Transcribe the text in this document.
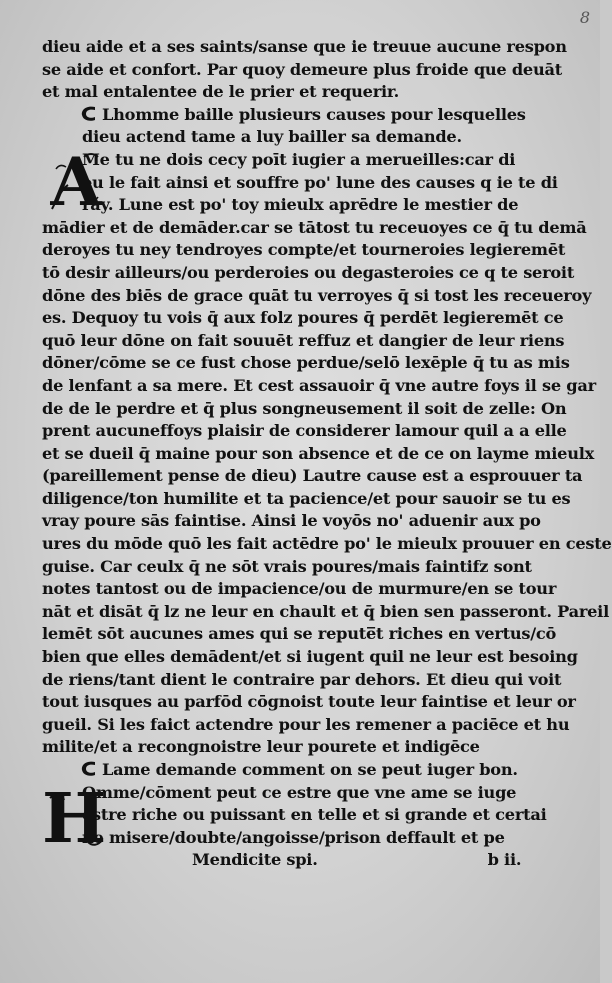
8
dieu aide et a ses saints/sanse que ie treuue aucune respon
se aide et confort. Par quoy demeure plus froide que deuāt
et mal entalentee de le prier et requerir.
Lhomme baille plusieurs causes pour lesquelles
dieu actend tame a luy bailler sa demande.
A
Me tu ne dois cecy poīt iugier a merueilles:car di
eu le fait ainsi et souffre po' lune des causes q ie te di
ray. Lune est po' toy mieulx aprēdre le mestier de
mādier et de demāder.car se tātost tu receuoyes ce q̄ tu demā
deroyes tu ney tendroyes compte/et tourneroies legieremēt
tō desir ailleurs/ou perderoies ou degasteroies ce q te seroit
dōne des biēs de grace quāt tu verroyes q̄ si tost les receueroy
es. Dequoy tu vois q̄ aux folz poures q̄ perdēt legieremēt ce
quō leur dōne on fait souuēt reffuz et dangier de leur riens
dōner/cōme se ce fust chose perdue/selō lexēple q̄ tu as mis
de lenfant a sa mere. Et cest assauoir q̄ vne autre foys il se gar
de de le perdre et q̄ plus songneusement il soit de zelle: On
prent aucuneffoys plaisir de considerer lamour quil a a elle
et se dueil q̄ maine pour son absence et de ce on layme mieulx
(pareillement pense de dieu) Lautre cause est a esprouuer ta
diligence/ton humilite et ta pacience/et pour sauoir se tu es
vray poure sās faintise. Ainsi le voyōs no' aduenir aux po
ures du mōde quō les fait actēdre po' le mieulx prouuer en ceste
guise. Car ceulx q̄ ne sōt vrais poures/mais faintifz sont
notes tantost ou de impacience/ou de murmure/en se tour
nāt et disāt q̄ lz ne leur en chault et q̄ bien sen passeront. Pareil
lemēt sōt aucunes ames qui se repute̅t riches en vertus/cō
bien que elles demādent/et si iugent quil ne leur est besoing
de riens/tant dient le contraire par dehors. Et dieu qui voit
tout iusques au parfōd cōgnoist toute leur faintise et leur or
gueil. Si les faict actendre pour les remener a paciēce et hu
milite/et a recongnoistre leur pourete et indigēce
Lame demande comment on se peut iuger bon.
H
Omme/cōment peut ce estre que vne ame se iuge
estre riche ou puissant en telle et si grande et certai
ne misere/doubte/angoisse/prison deffault et pe
Mendicite spi.	b ii.
